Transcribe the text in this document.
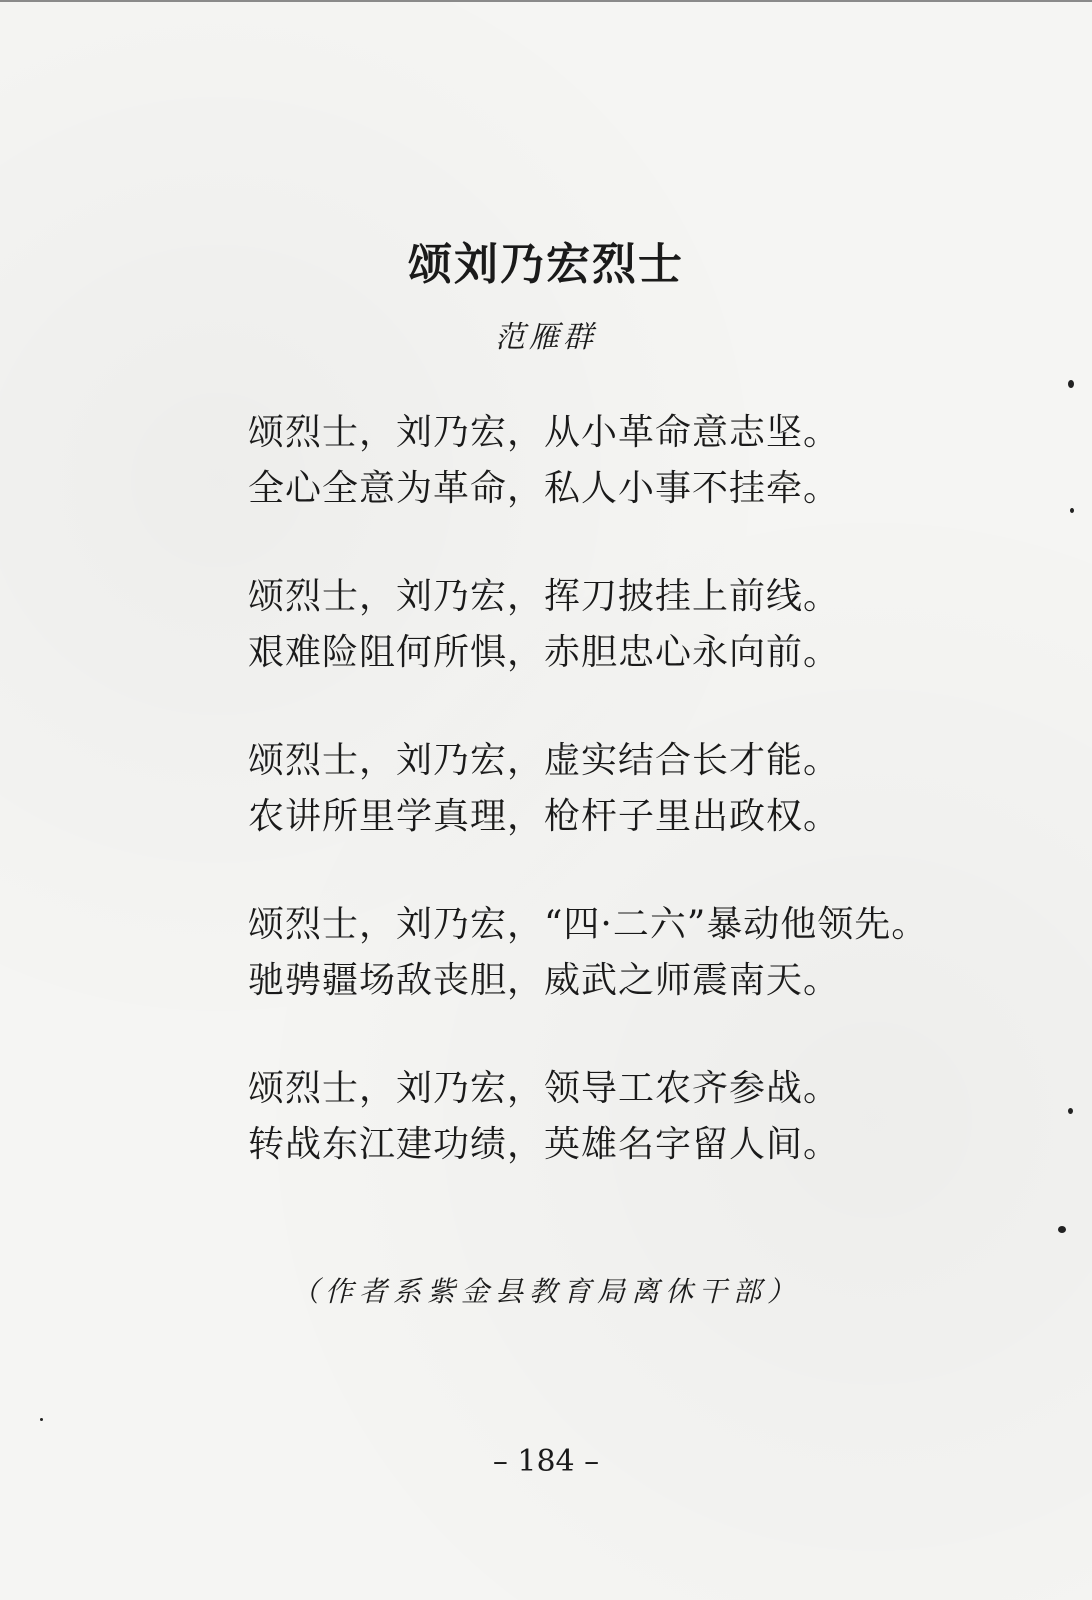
颂刘乃宏烈士
范雁群
颂烈士，刘乃宏，从小革命意志坚。
全心全意为革命，私人小事不挂牵。
颂烈士，刘乃宏，挥刀披挂上前线。
艰难险阻何所惧，赤胆忠心永向前。
颂烈士，刘乃宏，虚实结合长才能。
农讲所里学真理，枪杆子里出政权。
颂烈士，刘乃宏，“四·二六”暴动他领先。
驰骋疆场敌丧胆，威武之师震南天。
颂烈士，刘乃宏，领导工农齐参战。
转战东江建功绩，英雄名字留人间。
（作者系紫金县教育局离休干部）
– 184 –
